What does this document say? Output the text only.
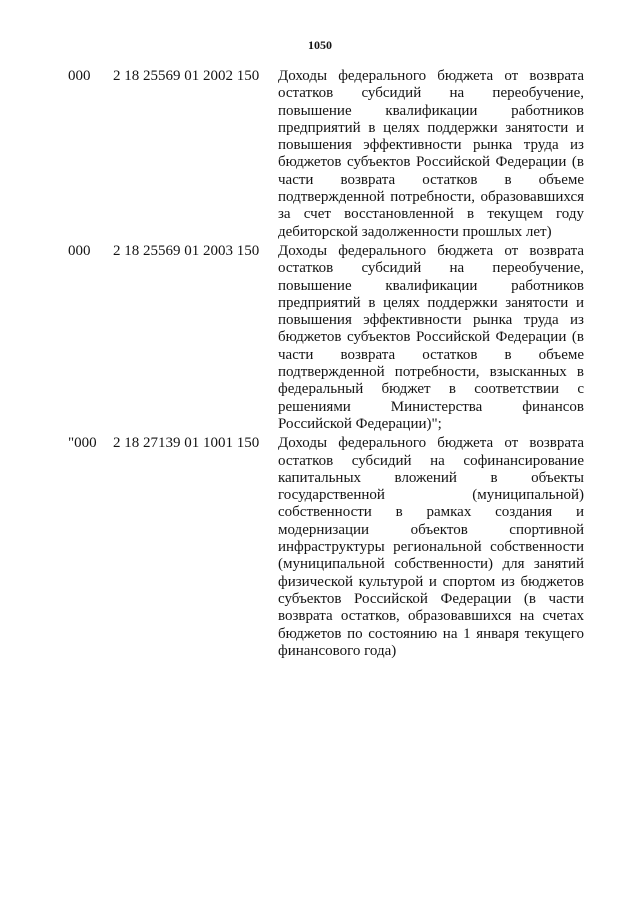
1050
000	2 18 25569 01 2002 150	Доходы федерального бюджета от возврата
остатков субсидий на переобучение,
повышение квалификации работников
предприятий в целях поддержки занятости и
повышения эффективности рынка труда из
бюджетов субъектов Российской Федерации (в
части возврата остатков в объеме
подтвержденной потребности, образовавшихся
за счет восстановленной в текущем году
дебиторской задолженности прошлых лет)
000	2 18 25569 01 2003 150	Доходы федерального бюджета от возврата
остатков субсидий на переобучение,
повышение квалификации работников
предприятий в целях поддержки занятости и
повышения эффективности рынка труда из
бюджетов субъектов Российской Федерации (в
части возврата остатков в объеме
подтвержденной потребности, взысканных в
федеральный бюджет в соответствии с
решениями Министерства финансов
Российской Федерации)";
"000	2 18 27139 01 1001 150	Доходы федерального бюджета от возврата
остатков субсидий на софинансирование
капитальных вложений в объекты
государственной (муниципальной)
собственности в рамках создания и
модернизации объектов спортивной
инфраструктуры региональной собственности
(муниципальной собственности) для занятий
физической культурой и спортом из бюджетов
субъектов Российской Федерации (в части
возврата остатков, образовавшихся на счетах
бюджетов по состоянию на 1 января текущего
финансового года)
